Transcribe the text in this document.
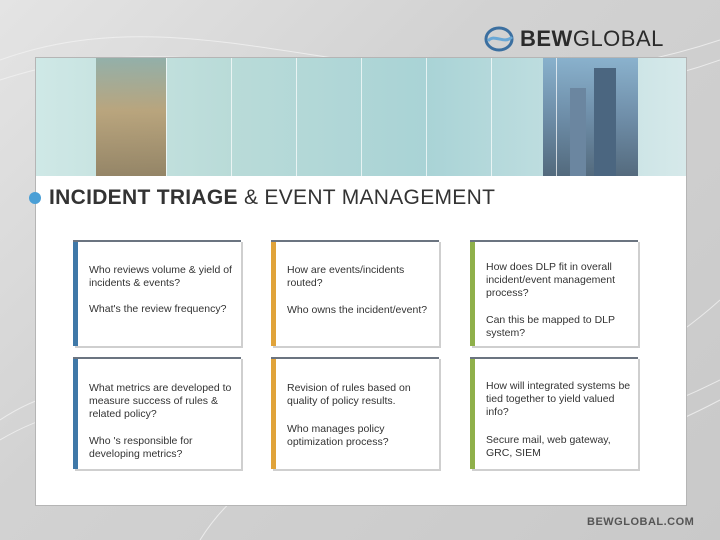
BEWGLOBAL
INCIDENT TRIAGE & EVENT MANAGEMENT
Who reviews volume & yield of incidents & events?
What's the review frequency?
How are events/incidents routed?
Who owns the incident/event?
How does DLP fit in overall incident/event management process?
Can this be mapped to DLP system?
What metrics are developed to measure success of rules & related policy?
Who 's responsible for developing metrics?
Revision of rules based on quality of policy results.
Who manages policy optimization process?
How will integrated systems be tied together to yield valued info?
Secure mail, web gateway, GRC, SIEM
BEWGLOBAL.COM
